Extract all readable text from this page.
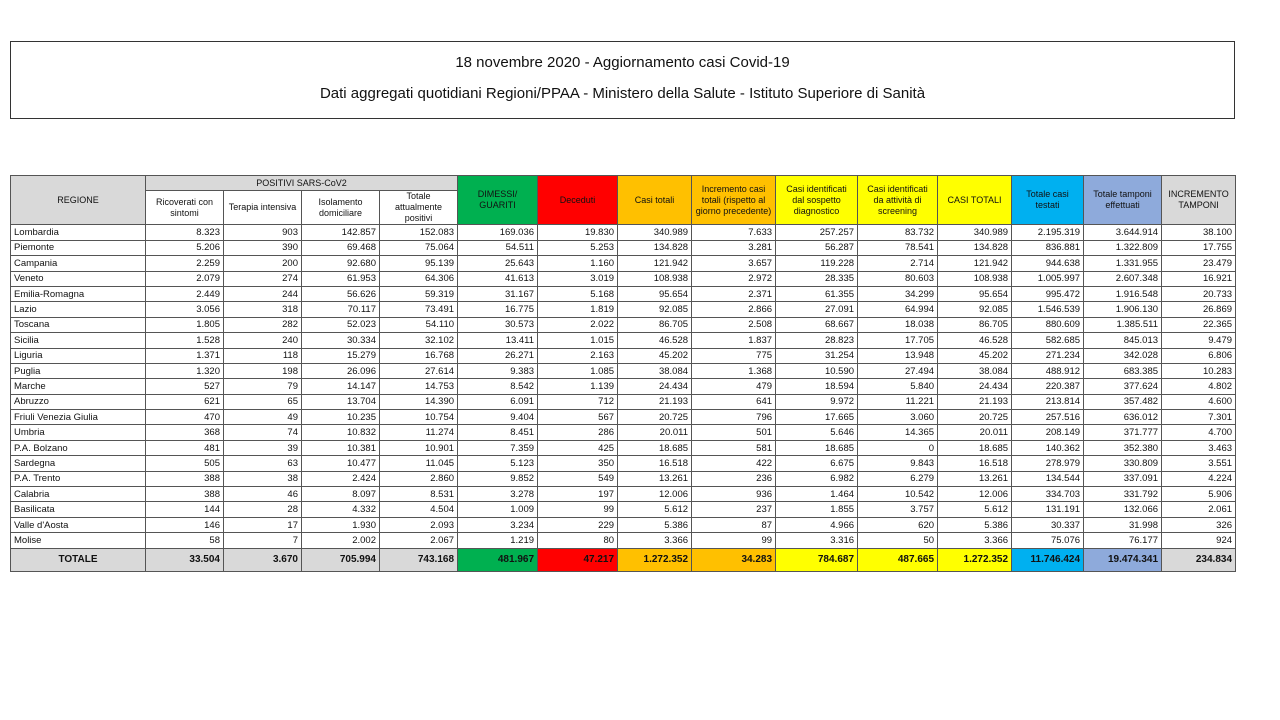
18 novembre 2020 - Aggiornamento casi Covid-19
Dati aggregati quotidiani Regioni/PPAA - Ministero della Salute - Istituto Superiore di Sanità
REGIONE	POSITIVI SARS-CoV2				DIMESSI/ GUARITI	Deceduti	Casi totali	Incremento casi totali (rispetto al giorno precedente)	Casi identificati dal sospetto diagnostico	Casi identificati da attività di screening	CASI TOTALI	Totale casi testati	Totale tamponi effettuati	INCREMENTO TAMPONI
	Ricoverati con sintomi	Terapia intensiva	Isolamento domiciliare	Totale attualmente positivi										
Lombardia	8.323	903	142.857	152.083	169.036	19.830	340.989	7.633	257.257	83.732	340.989	2.195.319	3.644.914	38.100
Piemonte	5.206	390	69.468	75.064	54.511	5.253	134.828	3.281	56.287	78.541	134.828	836.881	1.322.809	17.755
Campania	2.259	200	92.680	95.139	25.643	1.160	121.942	3.657	119.228	2.714	121.942	944.638	1.331.955	23.479
Veneto	2.079	274	61.953	64.306	41.613	3.019	108.938	2.972	28.335	80.603	108.938	1.005.997	2.607.348	16.921
Emilia-Romagna	2.449	244	56.626	59.319	31.167	5.168	95.654	2.371	61.355	34.299	95.654	995.472	1.916.548	20.733
Lazio	3.056	318	70.117	73.491	16.775	1.819	92.085	2.866	27.091	64.994	92.085	1.546.539	1.906.130	26.869
Toscana	1.805	282	52.023	54.110	30.573	2.022	86.705	2.508	68.667	18.038	86.705	880.609	1.385.511	22.365
Sicilia	1.528	240	30.334	32.102	13.411	1.015	46.528	1.837	28.823	17.705	46.528	582.685	845.013	9.479
Liguria	1.371	118	15.279	16.768	26.271	2.163	45.202	775	31.254	13.948	45.202	271.234	342.028	6.806
Puglia	1.320	198	26.096	27.614	9.383	1.085	38.084	1.368	10.590	27.494	38.084	488.912	683.385	10.283
Marche	527	79	14.147	14.753	8.542	1.139	24.434	479	18.594	5.840	24.434	220.387	377.624	4.802
Abruzzo	621	65	13.704	14.390	6.091	712	21.193	641	9.972	11.221	21.193	213.814	357.482	4.600
Friuli Venezia Giulia	470	49	10.235	10.754	9.404	567	20.725	796	17.665	3.060	20.725	257.516	636.012	7.301
Umbria	368	74	10.832	11.274	8.451	286	20.011	501	5.646	14.365	20.011	208.149	371.777	4.700
P.A. Bolzano	481	39	10.381	10.901	7.359	425	18.685	581	18.685	0	18.685	140.362	352.380	3.463
Sardegna	505	63	10.477	11.045	5.123	350	16.518	422	6.675	9.843	16.518	278.979	330.809	3.551
P.A. Trento	388	38	2.424	2.860	9.852	549	13.261	236	6.982	6.279	13.261	134.544	337.091	4.224
Calabria	388	46	8.097	8.531	3.278	197	12.006	936	1.464	10.542	12.006	334.703	331.792	5.906
Basilicata	144	28	4.332	4.504	1.009	99	5.612	237	1.855	3.757	5.612	131.191	132.066	2.061
Valle d'Aosta	146	17	1.930	2.093	3.234	229	5.386	87	4.966	620	5.386	30.337	31.998	326
Molise	58	7	2.002	2.067	1.219	80	3.366	99	3.316	50	3.366	75.076	76.177	924
TOTALE	33.504	3.670	705.994	743.168	481.967	47.217	1.272.352	34.283	784.687	487.665	1.272.352	11.746.424	19.474.341	234.834
